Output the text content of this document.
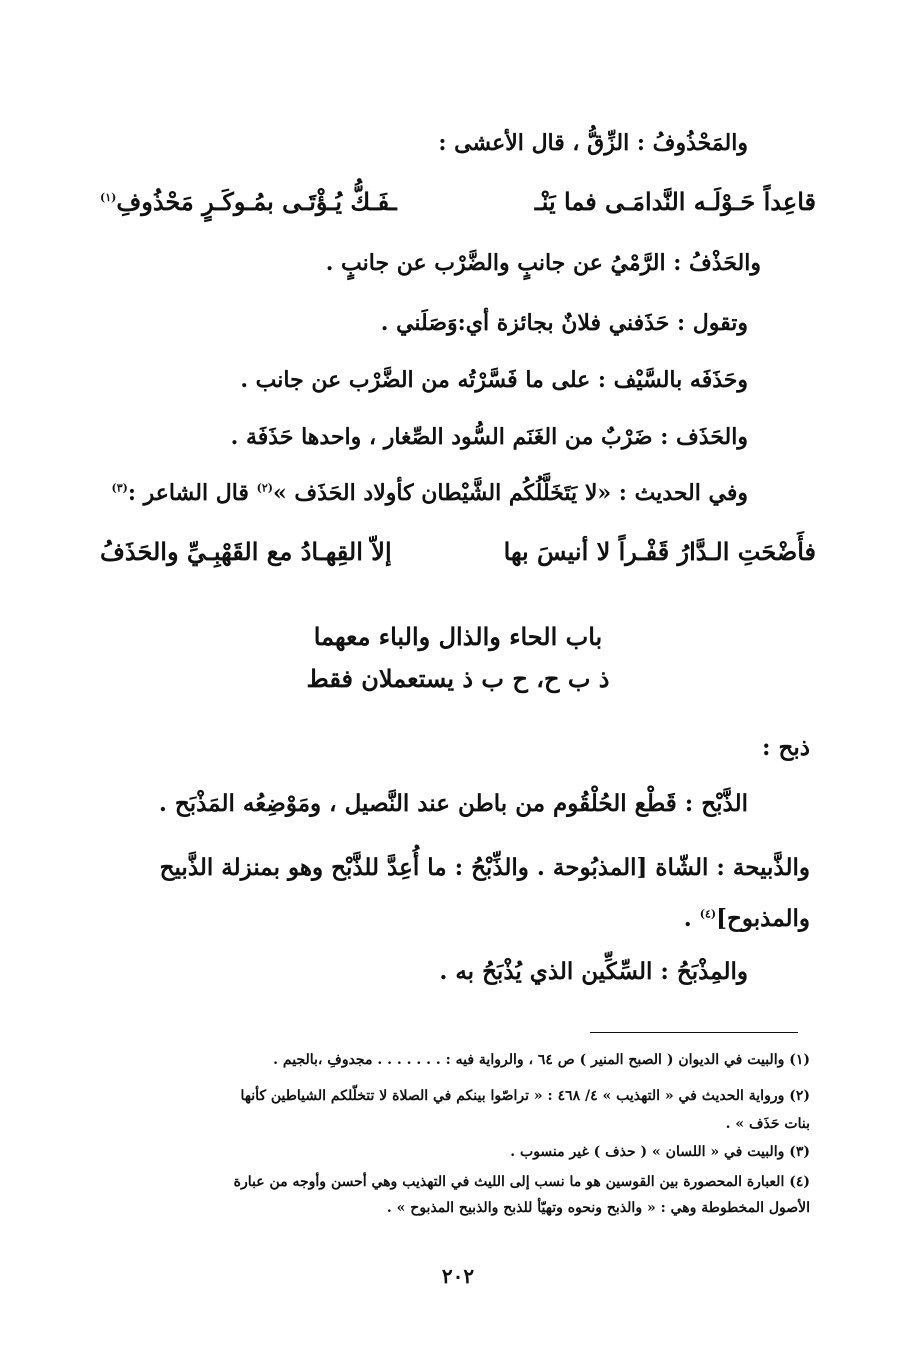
والمَحْذُوفُ : الزِّقُّ ، قال الأعشى :
قاعِداً حَـوْلَـه النَّدامَـى فما يَنْـ
ـفَـكُّ يُـؤْتَـى بمُـوكَـرٍ مَحْذُوفِ$^{(١)}$
والحَذْفُ : الرَّمْيُ عن جانبٍ والضَّرْب عن جانبٍ .
وتقول : حَذَفني فلانٌ بجائزة أي:وَصَلَني .
وحَذَفَه بالسَّيْف : على ما فَسَّرْتُه من الضَّرْب عن جانب .
والحَذَف : ضَرْبٌ من الغَنَم السُّود الصِّغار ، واحدها حَذَفَة .
وفي الحديث : «لا يَتَخَلَّلُكُم الشَّيْطان كأولاد الحَذَف »$^{(٢)}$ قال الشاعر :$^{(٣)}$
فأَضْحَتِ الـدَّارُ قَفْـراً لا أنيسَ بها
إلاّ القِهـادُ مع القَهْبِـيِّ والحَذَفُ
باب الحاء والذال والباء معهما
ذ ب ح، ح ب ذ يستعملان فقط
ذبح :
الذَّبْح : قَطْع الحُلْقُوم من باطن عند النَّصيل ، ومَوْضِعُه المَذْبَح .
والذَّبيحة : الشّاة [المذبُوحة . والذِّبْحُ : ما أُعِدَّ للذَّبْح وهو بمنزلة الذَّبيح
والمذبوح]$^{(٤)}$ .
والمِذْبَحُ : السِّكِّين الذي يُذْبَحُ به .
(١) والبيت في الديوان ( الصبح المنير ) ص ٦٤ ، والرواية فيه : . . . . . . . مجدوفِ ،بالجيم .
(٢) ورواية الحديث في « التهذيب » ٤/ ٤٦٨ : « تراصّوا بينكم في الصلاة لا تتخلّلكم الشياطين كأنها
بنات حَذَف » .
(٣) والبيت في « اللسان » ( حذف ) غير منسوب .
(٤) العبارة المحصورة بين القوسين هو ما نسب إلى الليث في التهذيب وهي أحسن وأوجه من عبارة
الأصول المخطوطة وهي : « والذبح ونحوه وتهيّأ للذبح والذبيح المذبوح » .
٢٠٢
